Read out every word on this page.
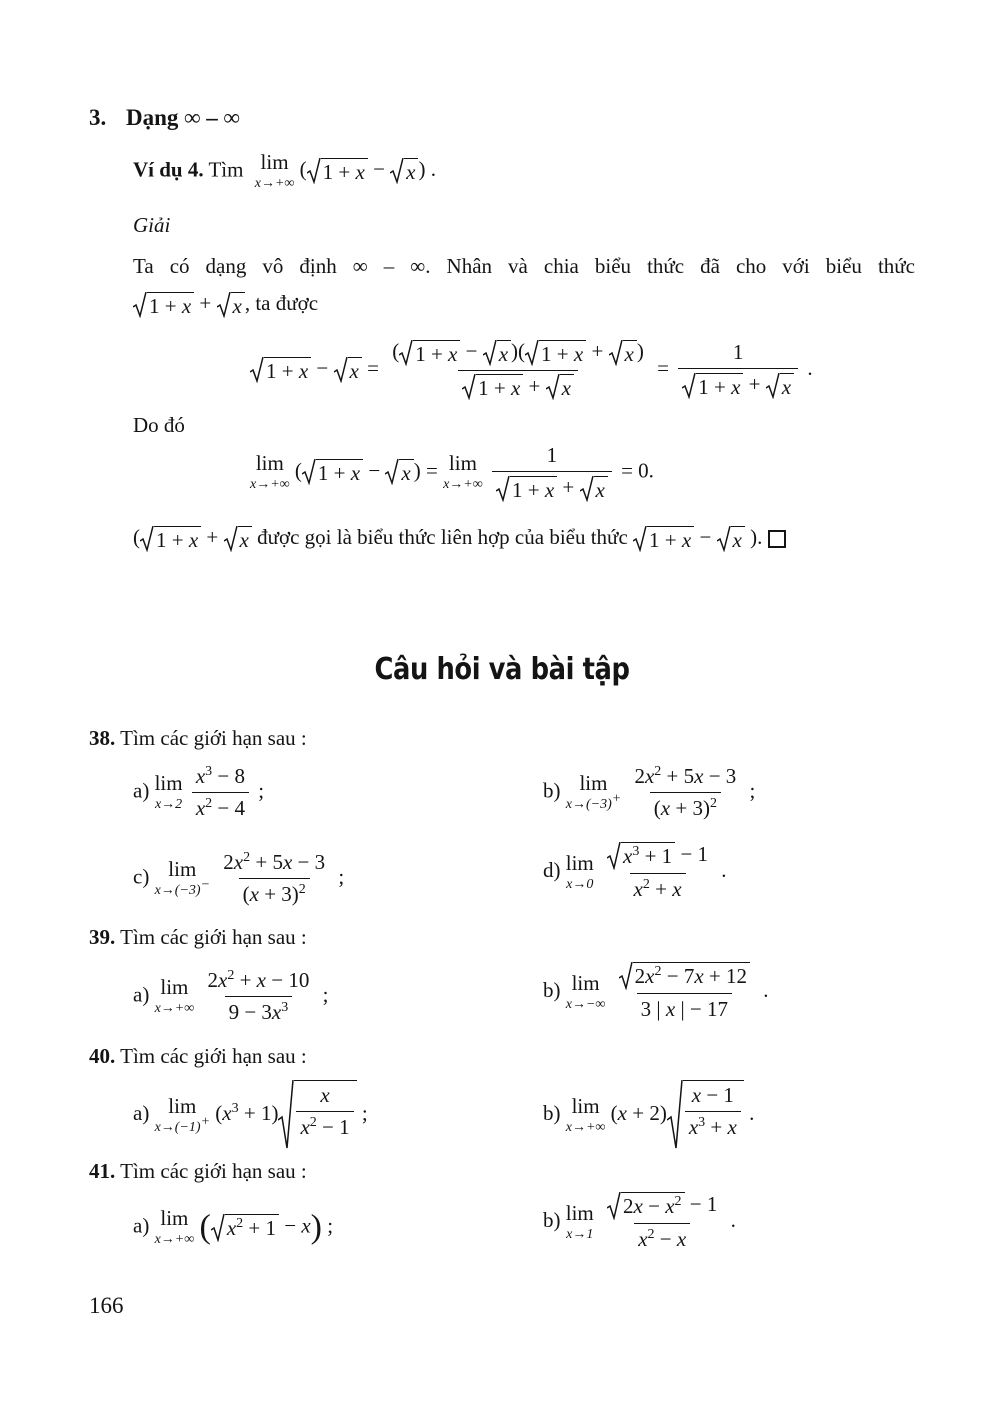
3. Dạng ∞ – ∞
Ví dụ 4. Tìm lim
x→+∞
( 1 + x − x ) .
Giải
Ta có dạng vô định ∞ – ∞. Nhân và chia biểu thức đã cho với biểu thức
1 + x + x , ta được
$1 + x - x = \frac{( 1 + x - x )( 1 + x + x )}{1 + x + x} = \frac{1}{1 + x + x}$ .
Do đó
lim
x→+∞
( 1 + x − x ) = lim
x→+∞
$\frac{1}{1 + x + x} = 0$.
( 1 + x + x được gọi là biểu thức liên hợp của biểu thức 1 + x − x ).
Câu hỏi và bài tập
38. Tìm các giới hạn sau :
a) lim
x→2
$\frac{x^3 - 8}{x^2 - 4}$ ;	b) lim
x→(−3)+
$\frac{2x^2 + 5x - 3}{(x + 3)^2}$ ;
c) lim
x→(−3)−
$\frac{2x^2 + 5x - 3}{(x + 3)^2}$ ;	d) lim
x→0
$\frac{x^3 + 1 - 1}{x^2 + x}$ .
39. Tìm các giới hạn sau :
a) lim
x→+∞
$\frac{2x^2 + x - 10}{9 - 3x^3}$ ;	b) lim
x→−∞
$\frac{2x^2 - 7x + 12}{3 | x | - 17}$ .
40. Tìm các giới hạn sau :
a) lim
x→(−1)+ $(x^3 + 1) \frac{x}{x^2 - 1}$ ;	b) lim
x→+∞
$(x + 2) \frac{x - 1}{x^3 + x}$ .
41. Tìm các giới hạn sau :
a) lim
x→+∞ ( $x^2 + 1 - x$) ;	b) lim
x→1
$\frac{2x - x^2 - 1}{x^2 - x}$ .
166
